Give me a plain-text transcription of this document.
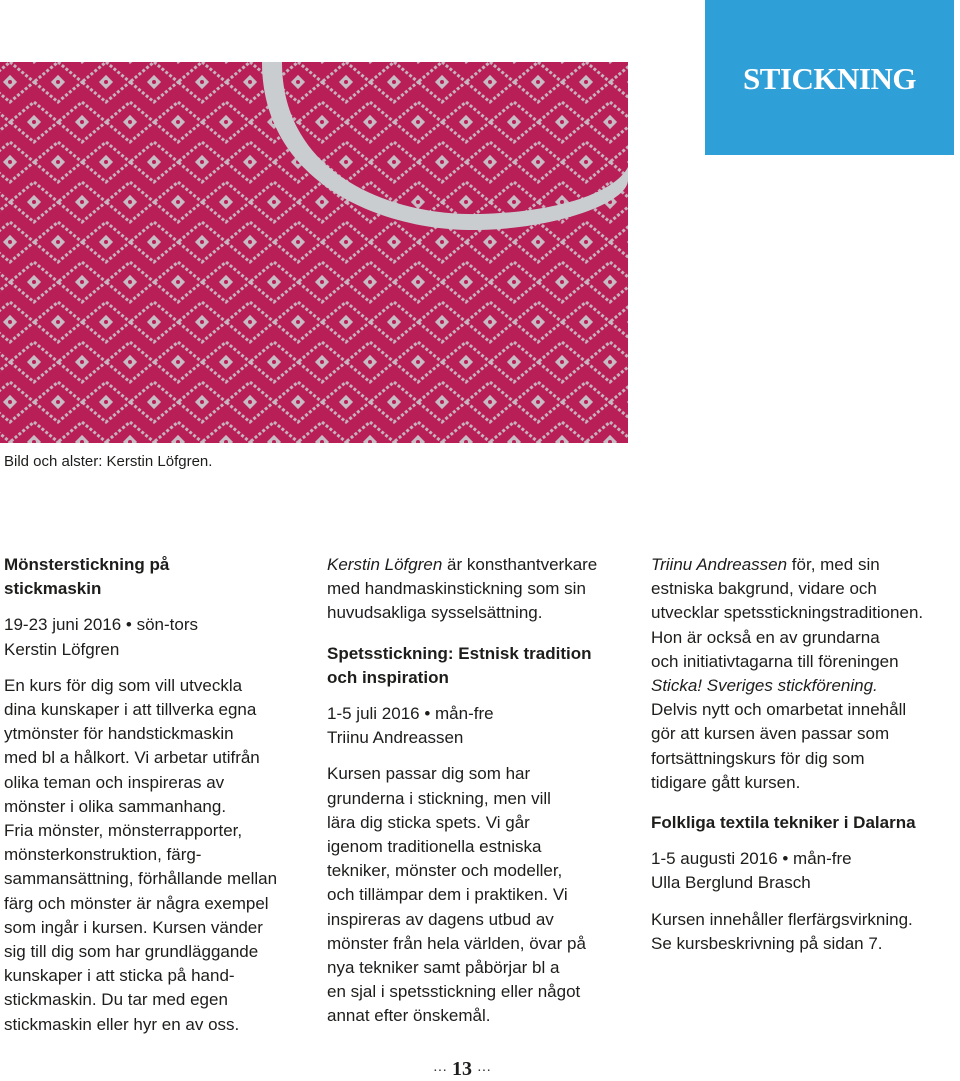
STICKNING
Bild och alster: Kerstin Löfgren.

Mönsterstickning på
stickmaskin

19-23 juni 2016 • sön-tors
Kerstin Löfgren

En kurs för dig som vill utveckla
dina kunskaper i att tillverka egna
ytmönster för handstickmaskin
med bl a hålkort. Vi arbetar utifrån
olika teman och inspireras av
mönster i olika sammanhang.
Fria mönster, mönsterrapporter,
mönsterkonstruktion, färg-
sammansättning, förhållande mellan
färg och mönster är några exempel
som ingår i kursen. Kursen vänder
sig till dig som har grundläggande
kunskaper i att sticka på hand-
stickmaskin. Du tar med egen
stickmaskin eller hyr en av oss.

Kerstin Löfgren är konsthantverkare
med handmaskinstickning som sin
huvudsakliga sysselsättning.

Spetsstickning: Estnisk tradition
och inspiration

1-5 juli 2016 • mån-fre
Triinu Andreassen

Kursen passar dig som har
grunderna i stickning, men vill
lära dig sticka spets. Vi går
igenom traditionella estniska
tekniker, mönster och modeller,
och tillämpar dem i praktiken. Vi
inspireras av dagens utbud av
mönster från hela världen, övar på
nya tekniker samt påbörjar bl a
en sjal i spetsstickning eller något
annat efter önskemål.

Triinu Andreassen för, med sin
estniska bakgrund, vidare och
utvecklar spetsstickningstraditionen.
Hon är också en av grundarna
och initiativtagarna till föreningen
Sticka! Sveriges stickförening.
Delvis nytt och omarbetat innehåll
gör att kursen även passar som
fortsättningskurs för dig som
tidigare gått kursen.

Folkliga textila tekniker i Dalarna

1-5 augusti 2016 • mån-fre
Ulla Berglund Brasch

Kursen innehåller flerfärgsvirkning.
Se kursbeskrivning på sidan 7.

··· 13 ···
